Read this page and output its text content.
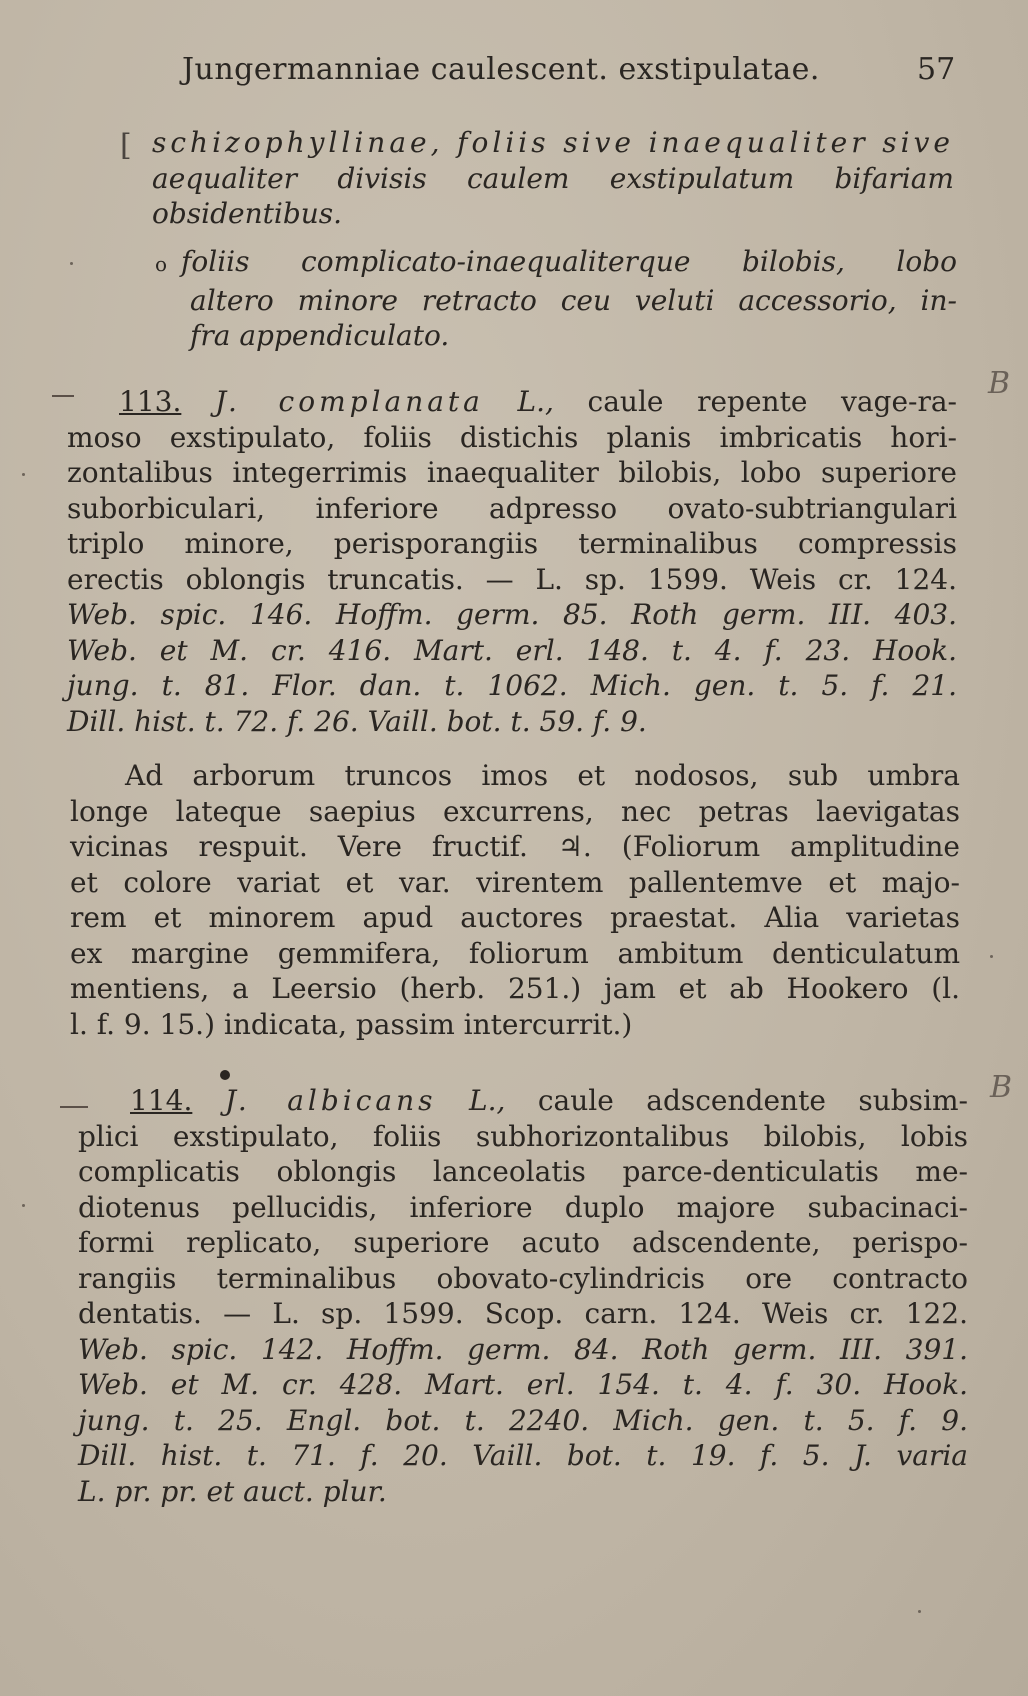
Jungermanniae caulescent. exstipulatae.	57
[ schizophyllinae, foliis sive inaequaliter sive
aequaliter divisis caulem exstipulatum bifariam
obsidentibus.
o foliis complicato-inaequaliterque bilobis, lobo
altero minore retracto ceu veluti accessorio, in-
fra appendiculato.
B
113. J. complanata L., caule repente vage-ra-
moso exstipulato, foliis distichis planis imbricatis hori-
zontalibus integerrimis inaequaliter bilobis, lobo superiore
suborbiculari, inferiore adpresso ovato-subtriangulari
triplo minore, perisporangiis terminalibus compressis
erectis oblongis truncatis. — L. sp. 1599. Weis cr. 124.
Web. spic. 146. Hoffm. germ. 85. Roth germ. III. 403.
Web. et M. cr. 416. Mart. erl. 148. t. 4. f. 23. Hook.
jung. t. 81. Flor. dan. t. 1062. Mich. gen. t. 5. f. 21.
Dill. hist. t. 72. f. 26. Vaill. bot. t. 59. f. 9.
Ad arborum truncos imos et nodosos, sub umbra
longe lateque saepius excurrens, nec petras laevigatas
vicinas respuit. Vere fructif. ♃. (Foliorum amplitudine
et colore variat et var. virentem pallentemve et majo-
rem et minorem apud auctores praestat. Alia varietas
ex margine gemmifera, foliorum ambitum denticulatum
mentiens, a Leersio (herb. 251.) jam et ab Hookero (l.
l. f. 9. 15.) indicata, passim intercurrit.)
B
114. J. albicans L., caule adscendente subsim-
plici exstipulato, foliis subhorizontalibus bilobis, lobis
complicatis oblongis lanceolatis parce-denticulatis me-
diotenus pellucidis, inferiore duplo majore subacinaci-
formi replicato, superiore acuto adscendente, perispo-
rangiis terminalibus obovato-cylindricis ore contracto
dentatis. — L. sp. 1599. Scop. carn. 124. Weis cr. 122.
Web. spic. 142. Hoffm. germ. 84. Roth germ. III. 391.
Web. et M. cr. 428. Mart. erl. 154. t. 4. f. 30. Hook.
jung. t. 25. Engl. bot. t. 2240. Mich. gen. t. 5. f. 9.
Dill. hist. t. 71. f. 20. Vaill. bot. t. 19. f. 5. J. varia
L. pr. pr. et auct. plur.
